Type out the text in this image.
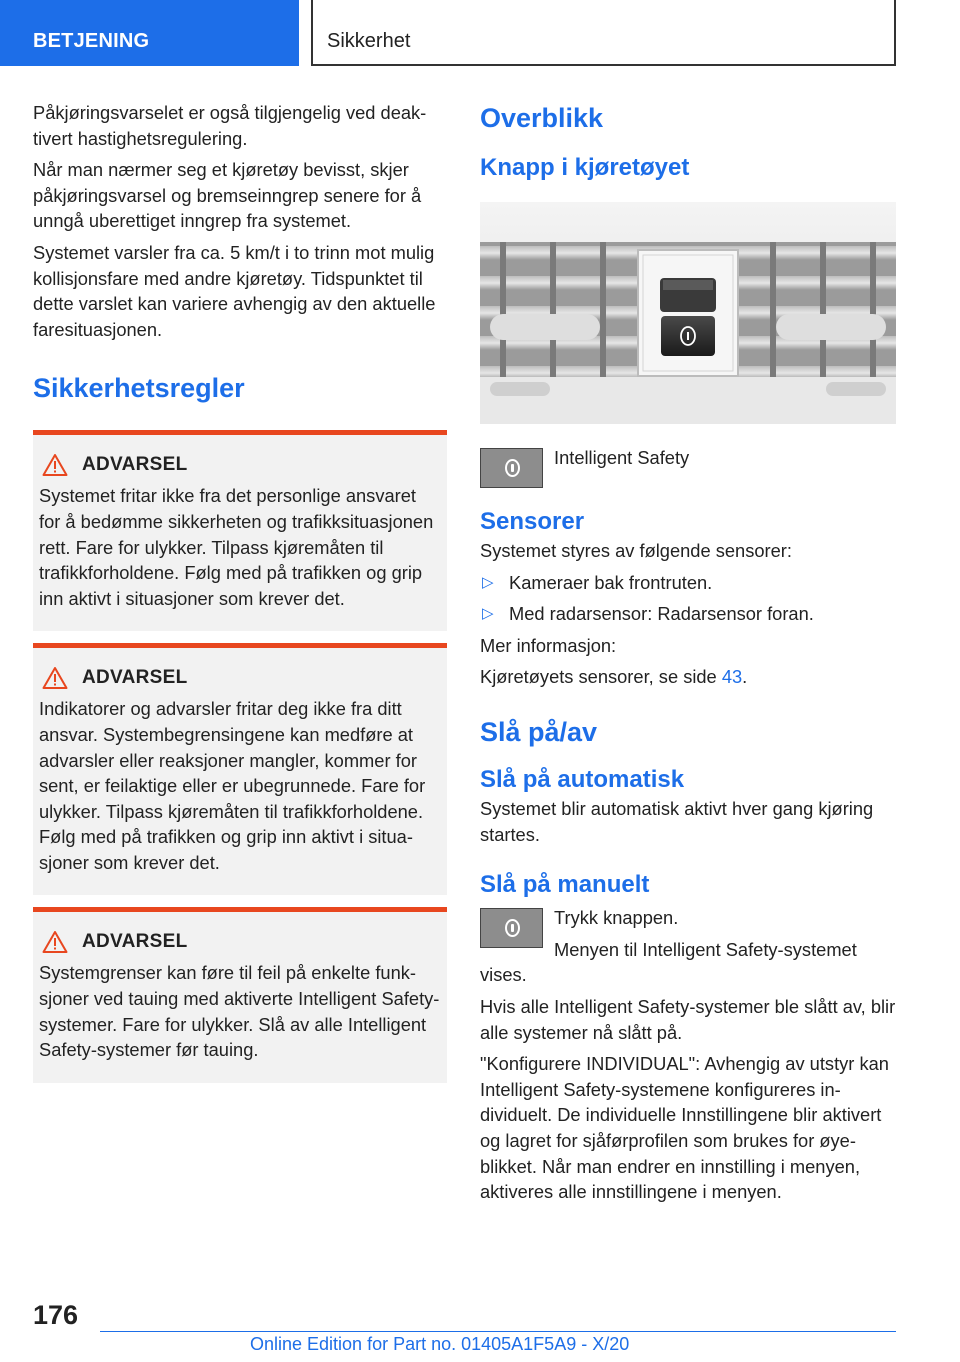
BETJENING	Sikkerhet

Påkjøringsvarselet er også tilgjengelig ved deaktivert hastighetsregulering.

Når man nærmer seg et kjøretøy bevisst, skjer påkjøringsvarsel og bremseinngrep senere for å unngå uberettiget inngrep fra systemet.

Systemet varsler fra ca. 5 km/t i to trinn mot mulig kollisjonsfare med andre kjøretøy. Tidspunktet til dette varslet kan variere avhengig av den aktuelle faresituasjonen.

Sikkerhetsregler
ADVARSEL
Systemet fritar ikke fra det personlige ansvaret for å bedømme sikkerheten og trafikksituasjonen rett. Fare for ulykker. Tilpass kjøremåten til trafikkforholdene. Følg med på trafikken og grip inn aktivt i situasjoner som krever det.
ADVARSEL
Indikatorer og advarsler fritar deg ikke fra ditt ansvar. Systembegrensingene kan medføre at advarsler eller reaksjoner mangler, kommer for sent, er feilaktige eller er ubegrunnede. Fare for ulykker. Tilpass kjøremåten til trafikkforholdene. Følg med på trafikken og grip inn aktivt i situasjoner som krever det.
ADVARSEL
Systemgrenser kan føre til feil på enkelte funksjoner ved tauing med aktiverte Intelligent Safety-systemer. Fare for ulykker. Slå av alle Intelligent Safety-systemer før tauing.
Overblikk
Knapp i kjøretøyet

Intelligent Safety

Sensorer

Systemet styres av følgende sensorer:

▷ Kameraer bak frontruten.
▷ Med radarsensor: Radarsensor foran.

Mer informasjon:

Kjøretøyets sensorer, se side 43.

Slå på/av
Slå på automatisk

Systemet blir automatisk aktivt hver gang kjøring startes.

Slå på manuelt

Trykk knappen.

Menyen til Intelligent Safety-systemet vises.

Hvis alle Intelligent Safety-systemer ble slått av, blir alle systemer nå slått på.

"Konfigurere INDIVIDUAL": Avhengig av utstyr kan Intelligent Safety-systemene konfigureres individuelt. De individuelle Innstillingene blir aktivert og lagret for sjåførprofilen som brukes for øyeblikket. Når man endrer en innstilling i menyen, aktiveres alle innstillingene i menyen.

176
Online Edition for Part no. 01405A1F5A9 - X/20
